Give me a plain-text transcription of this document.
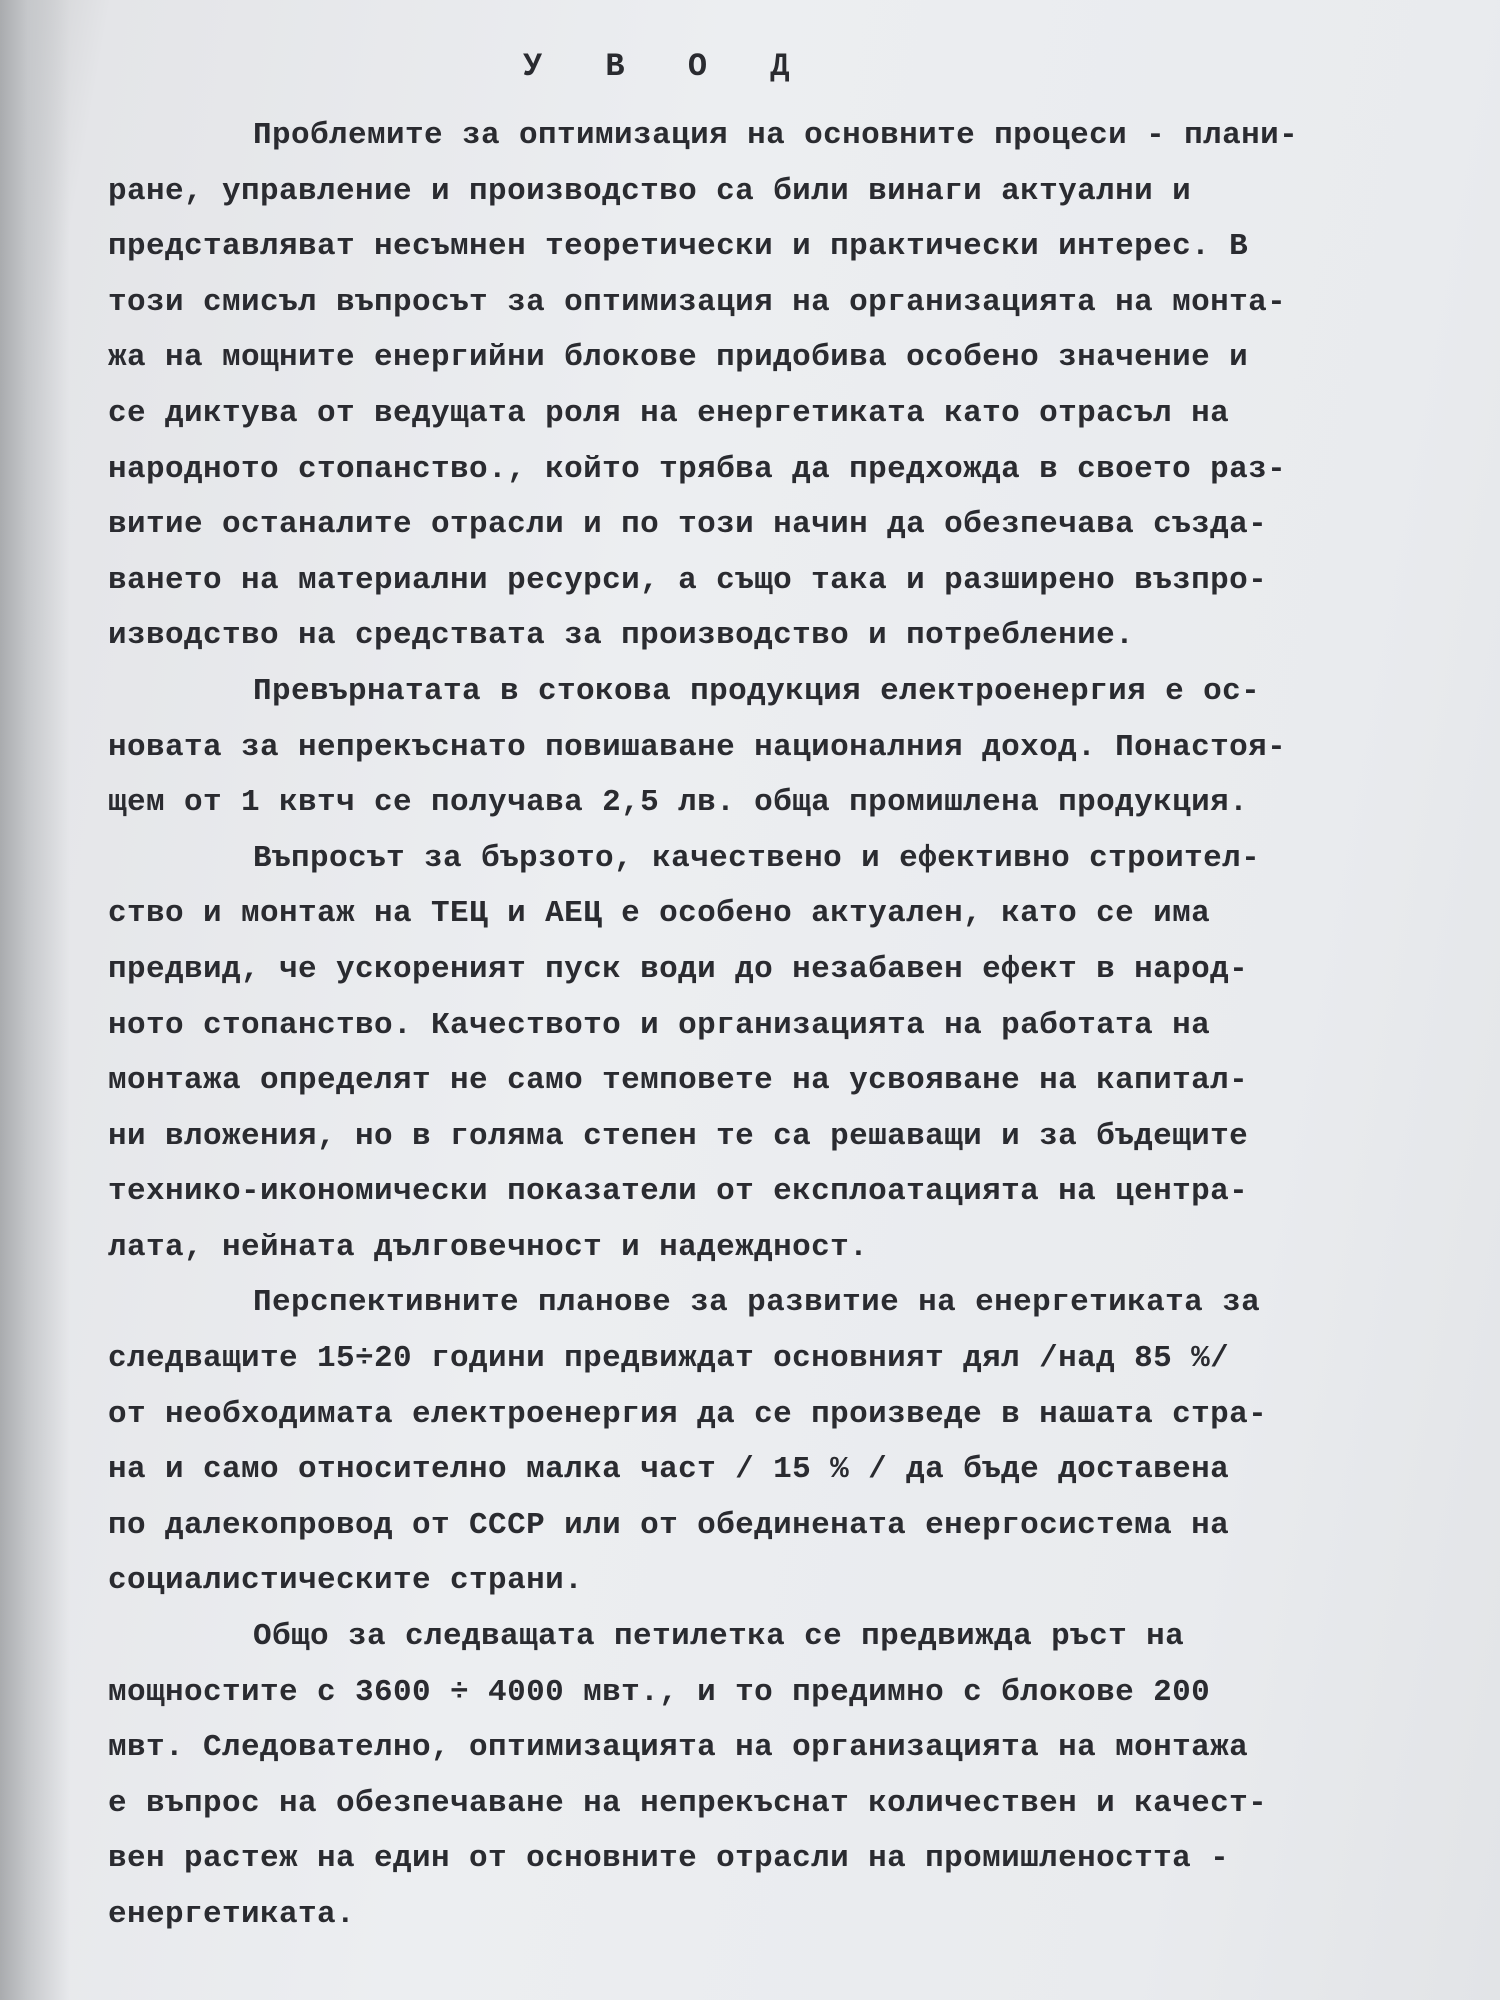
У В О Д
Проблемите за оптимизация на основните процеси - плани-
ране, управление и производство са били винаги актуални и
представляват несъмнен теоретически и практически интерес. В
този смисъл въпросът за оптимизация на организацията на монта-
жа на мощните енергийни блокове придобива особено значение и
се диктува от ведущата роля на енергетиката като отрасъл на
народното стопанство., който трябва да предхожда в своето раз-
витие останалите отрасли и по този начин да обезпечава създа-
ването на материални ресурси, а също така и разширено възпро-
изводство на средствата за производство и потребление.
Превърнатата в стокова продукция електроенергия е ос-
новата за непрекъснато повишаване националния доход. Понастоя-
щем от 1 квтч се получава 2,5 лв. обща промишлена продукция.
Въпросът за бързото, качествено и ефективно строител-
ство и монтаж на ТЕЦ и АЕЦ е особено актуален, като се има
предвид, че ускореният пуск води до незабавен ефект в народ-
ното стопанство. Качеството и организацията на работата на
монтажа определят не само темповете на усвояване на капитал-
ни вложения, но в голяма степен те са решаващи и за бъдещите
технико-икономически показатели от експлоатацията на центра-
лата, нейната дълговечност и надеждност.
Перспективните планове за развитие на енергетиката за
следващите 15÷20 години предвиждат основният дял /над 85 %/
от необходимата електроенергия да се произведе в нашата стра-
на и само относително малка част / 15 % / да бъде доставена
по далекопровод от СССР или от обединената енергосистема на
социалистическите страни.
Общо за следващата петилетка се предвижда ръст на
мощностите с 3600 ÷ 4000 мвт., и то предимно с блокове 200
мвт. Следователно, оптимизацията на организацията на монтажа
е въпрос на обезпечаване на непрекъснат количествен и качест-
вен растеж на един от основните отрасли на промишлеността -
енергетиката.
